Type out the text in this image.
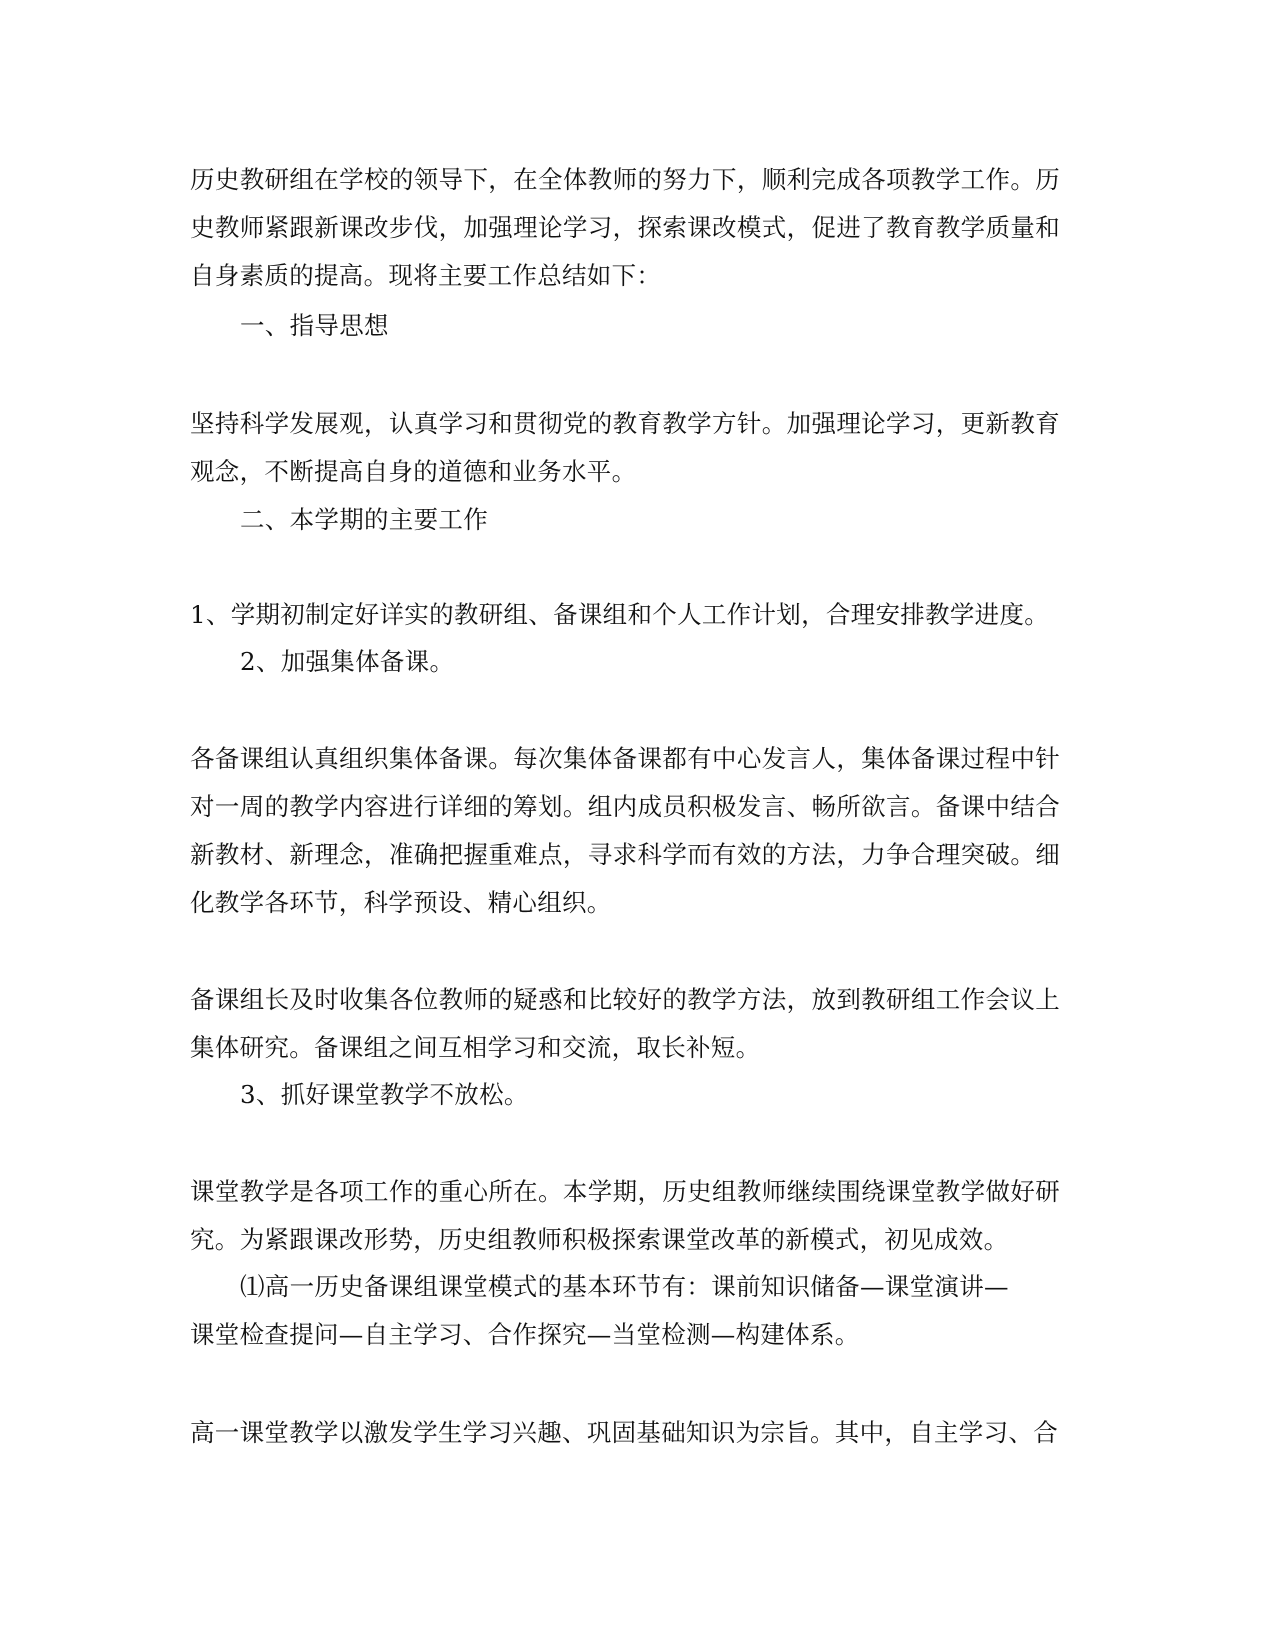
历史教研组在学校的领导下，在全体教师的努力下，顺利完成各项教学工作。历史教师紧跟新课改步伐，加强理论学习，探索课改模式，促进了教育教学质量和自身素质的提高。现将主要工作总结如下：

一、指导思想

坚持科学发展观，认真学习和贯彻党的教育教学方针。加强理论学习，更新教育观念，不断提高自身的道德和业务水平。

二、本学期的主要工作

1、学期初制定好详实的教研组、备课组和个人工作计划，合理安排教学进度。

2、加强集体备课。

各备课组认真组织集体备课。每次集体备课都有中心发言人，集体备课过程中针对一周的教学内容进行详细的筹划。组内成员积极发言、畅所欲言。备课中结合新教材、新理念，准确把握重难点，寻求科学而有效的方法，力争合理突破。细化教学各环节，科学预设、精心组织。

备课组长及时收集各位教师的疑惑和比较好的教学方法，放到教研组工作会议上集体研究。备课组之间互相学习和交流，取长补短。

3、抓好课堂教学不放松。

课堂教学是各项工作的重心所在。本学期，历史组教师继续围绕课堂教学做好研究。为紧跟课改形势，历史组教师积极探索课堂改革的新模式，初见成效。

⑴高一历史备课组课堂模式的基本环节有：课前知识储备—课堂演讲—
课堂检查提问—自主学习、合作探究—当堂检测—构建体系。

高一课堂教学以激发学生学习兴趣、巩固基础知识为宗旨。其中，自主学习、合
